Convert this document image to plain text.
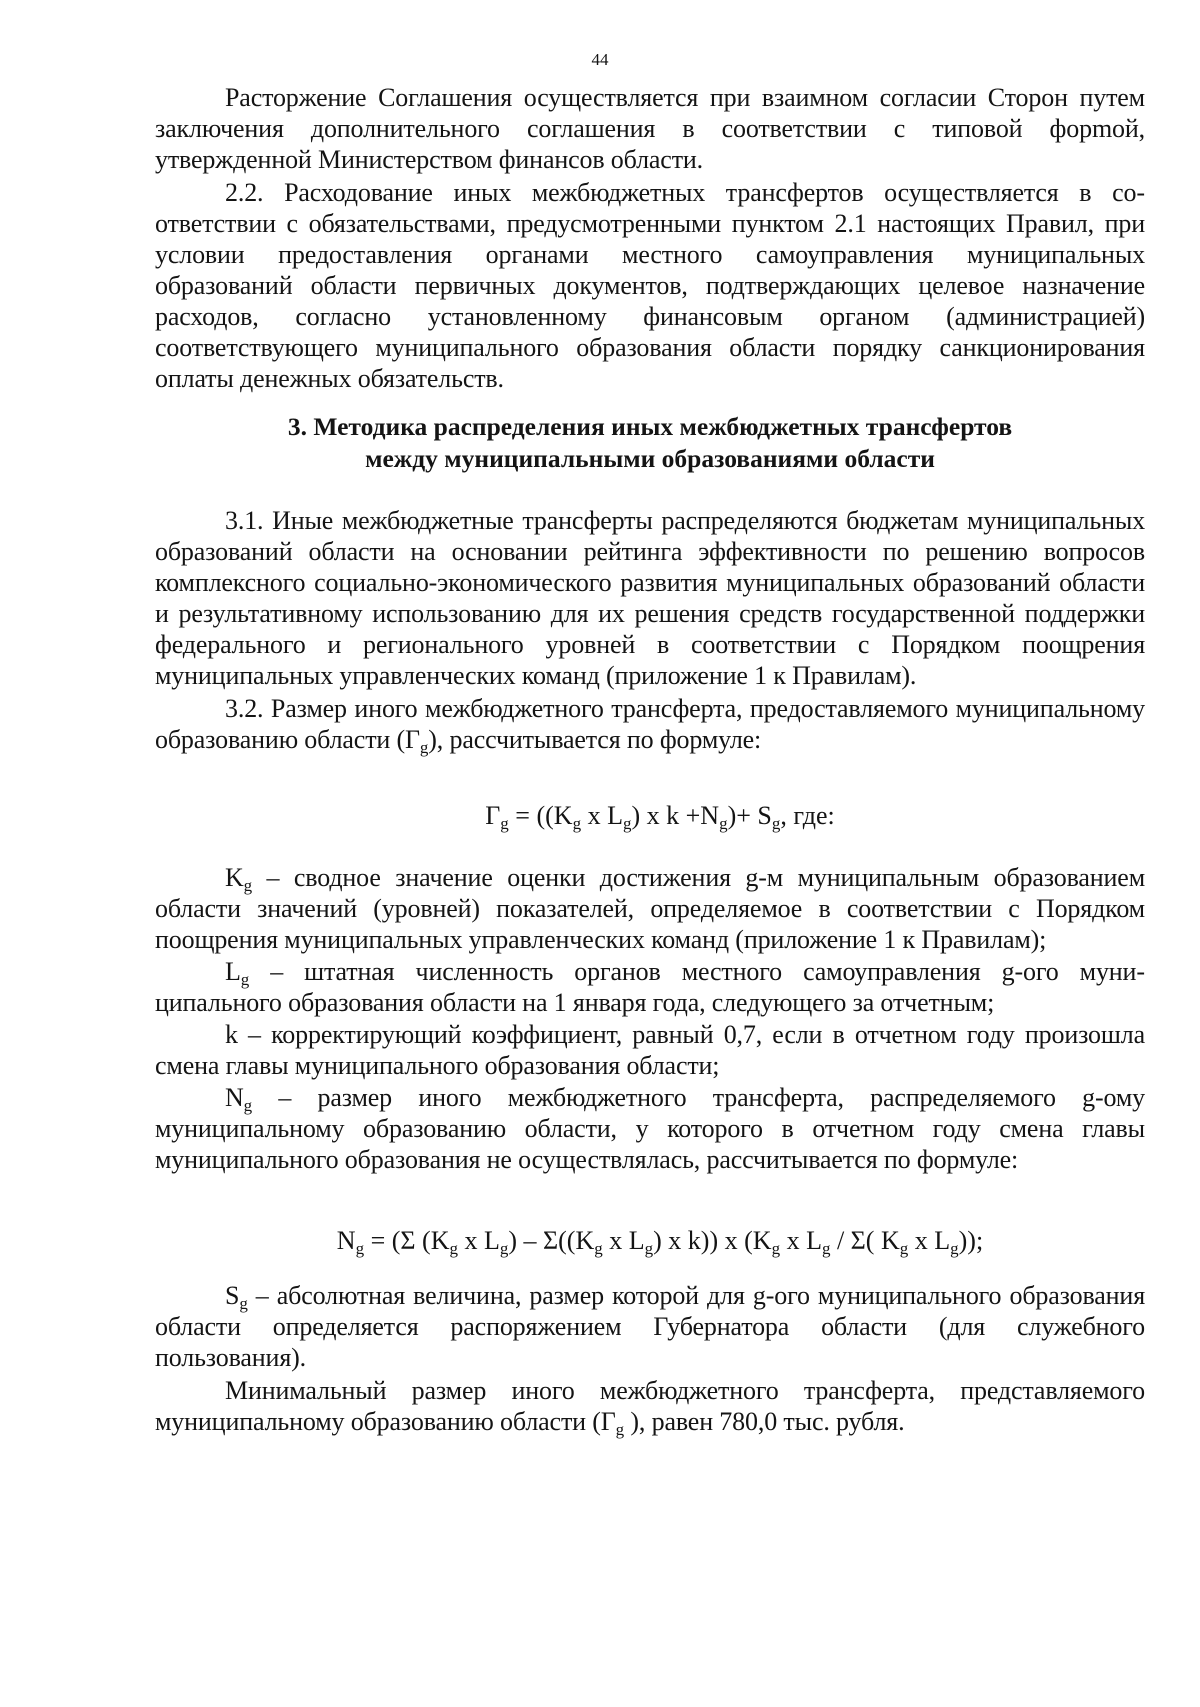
44

Расторжение Соглашения осуществляется при взаимном согласии Сторон путем заключения дополнительного соглашения в соответствии с типовой форmой, утвержденной Министерством финансов области.

2.2. Расходование иных межбюджетных трансфертов осуществляется в соответствии с обязательствами, предусмотренными пунктом 2.1 настоящих Правил, при условии предоставления органами местного самоуправления муниципальных образований области первичных документов, подтверждающих целевое назначение расходов, согласно установленному финансовым органом (администрацией) соответствующего муниципального образования области порядку санкционирования оплаты денежных обязательств.

3. Методика распределения иных межбюджетных трансфертов
между муниципальными образованиями области

3.1. Иные межбюджетные трансферты распределяются бюджетам муниципальных образований области на основании рейтинга эффективности по решению вопросов комплексного социально-экономического развития муниципальных образований области и результативному использованию для их решения средств государственной поддержки федерального и регионального уровней в соответствии с Порядком поощрения муниципальных управленческих команд (приложение 1 к Правилам).

3.2. Размер иного межбюджетного трансферта, предоставляемого муниципальному образованию области $(Г_g)$, рассчитывается по формуле:

$Г_g = ((K_g$ x $L_g$) x $k +N_g)+ S_g$, где:

$K_g$ – сводное значение оценки достижения g-м муниципальным образованием области значений (уровней) показателей, определяемое в соответствии с Порядком поощрения муниципальных управленческих команд (приложение 1 к Правилам);

$L_g$ – штатная численность органов местного самоуправления g-ого муниципального образования области на 1 января года, следующего за отчетным;

k – корректирующий коэффициент, равный 0,7, если в отчетном году произошла смена главы муниципального образования области;

$N_g$ – размер иного межбюджетного трансферта, распределяемого g-ому муниципальному образованию области, у которого в отчетном году смена главы муниципального образования не осуществлялась, рассчитывается по формуле:

$N_g = (\Sigma$ ($K_g$ x $L_g) - \Sigma((K_g$ x $L_g$) x k)) x ($K_g$ x $L_g / \Sigma$( $K_g$ x $L_g$));

$S_g$ – абсолютная величина, размер которой для g-ого муниципального образования области определяется распоряжением Губернатора области (для служебного пользования).

Минимальный размер иного межбюджетного трансферта, представляемого муниципальному образованию области ($Г_g$ ), равен 780,0 тыс. рубля.
